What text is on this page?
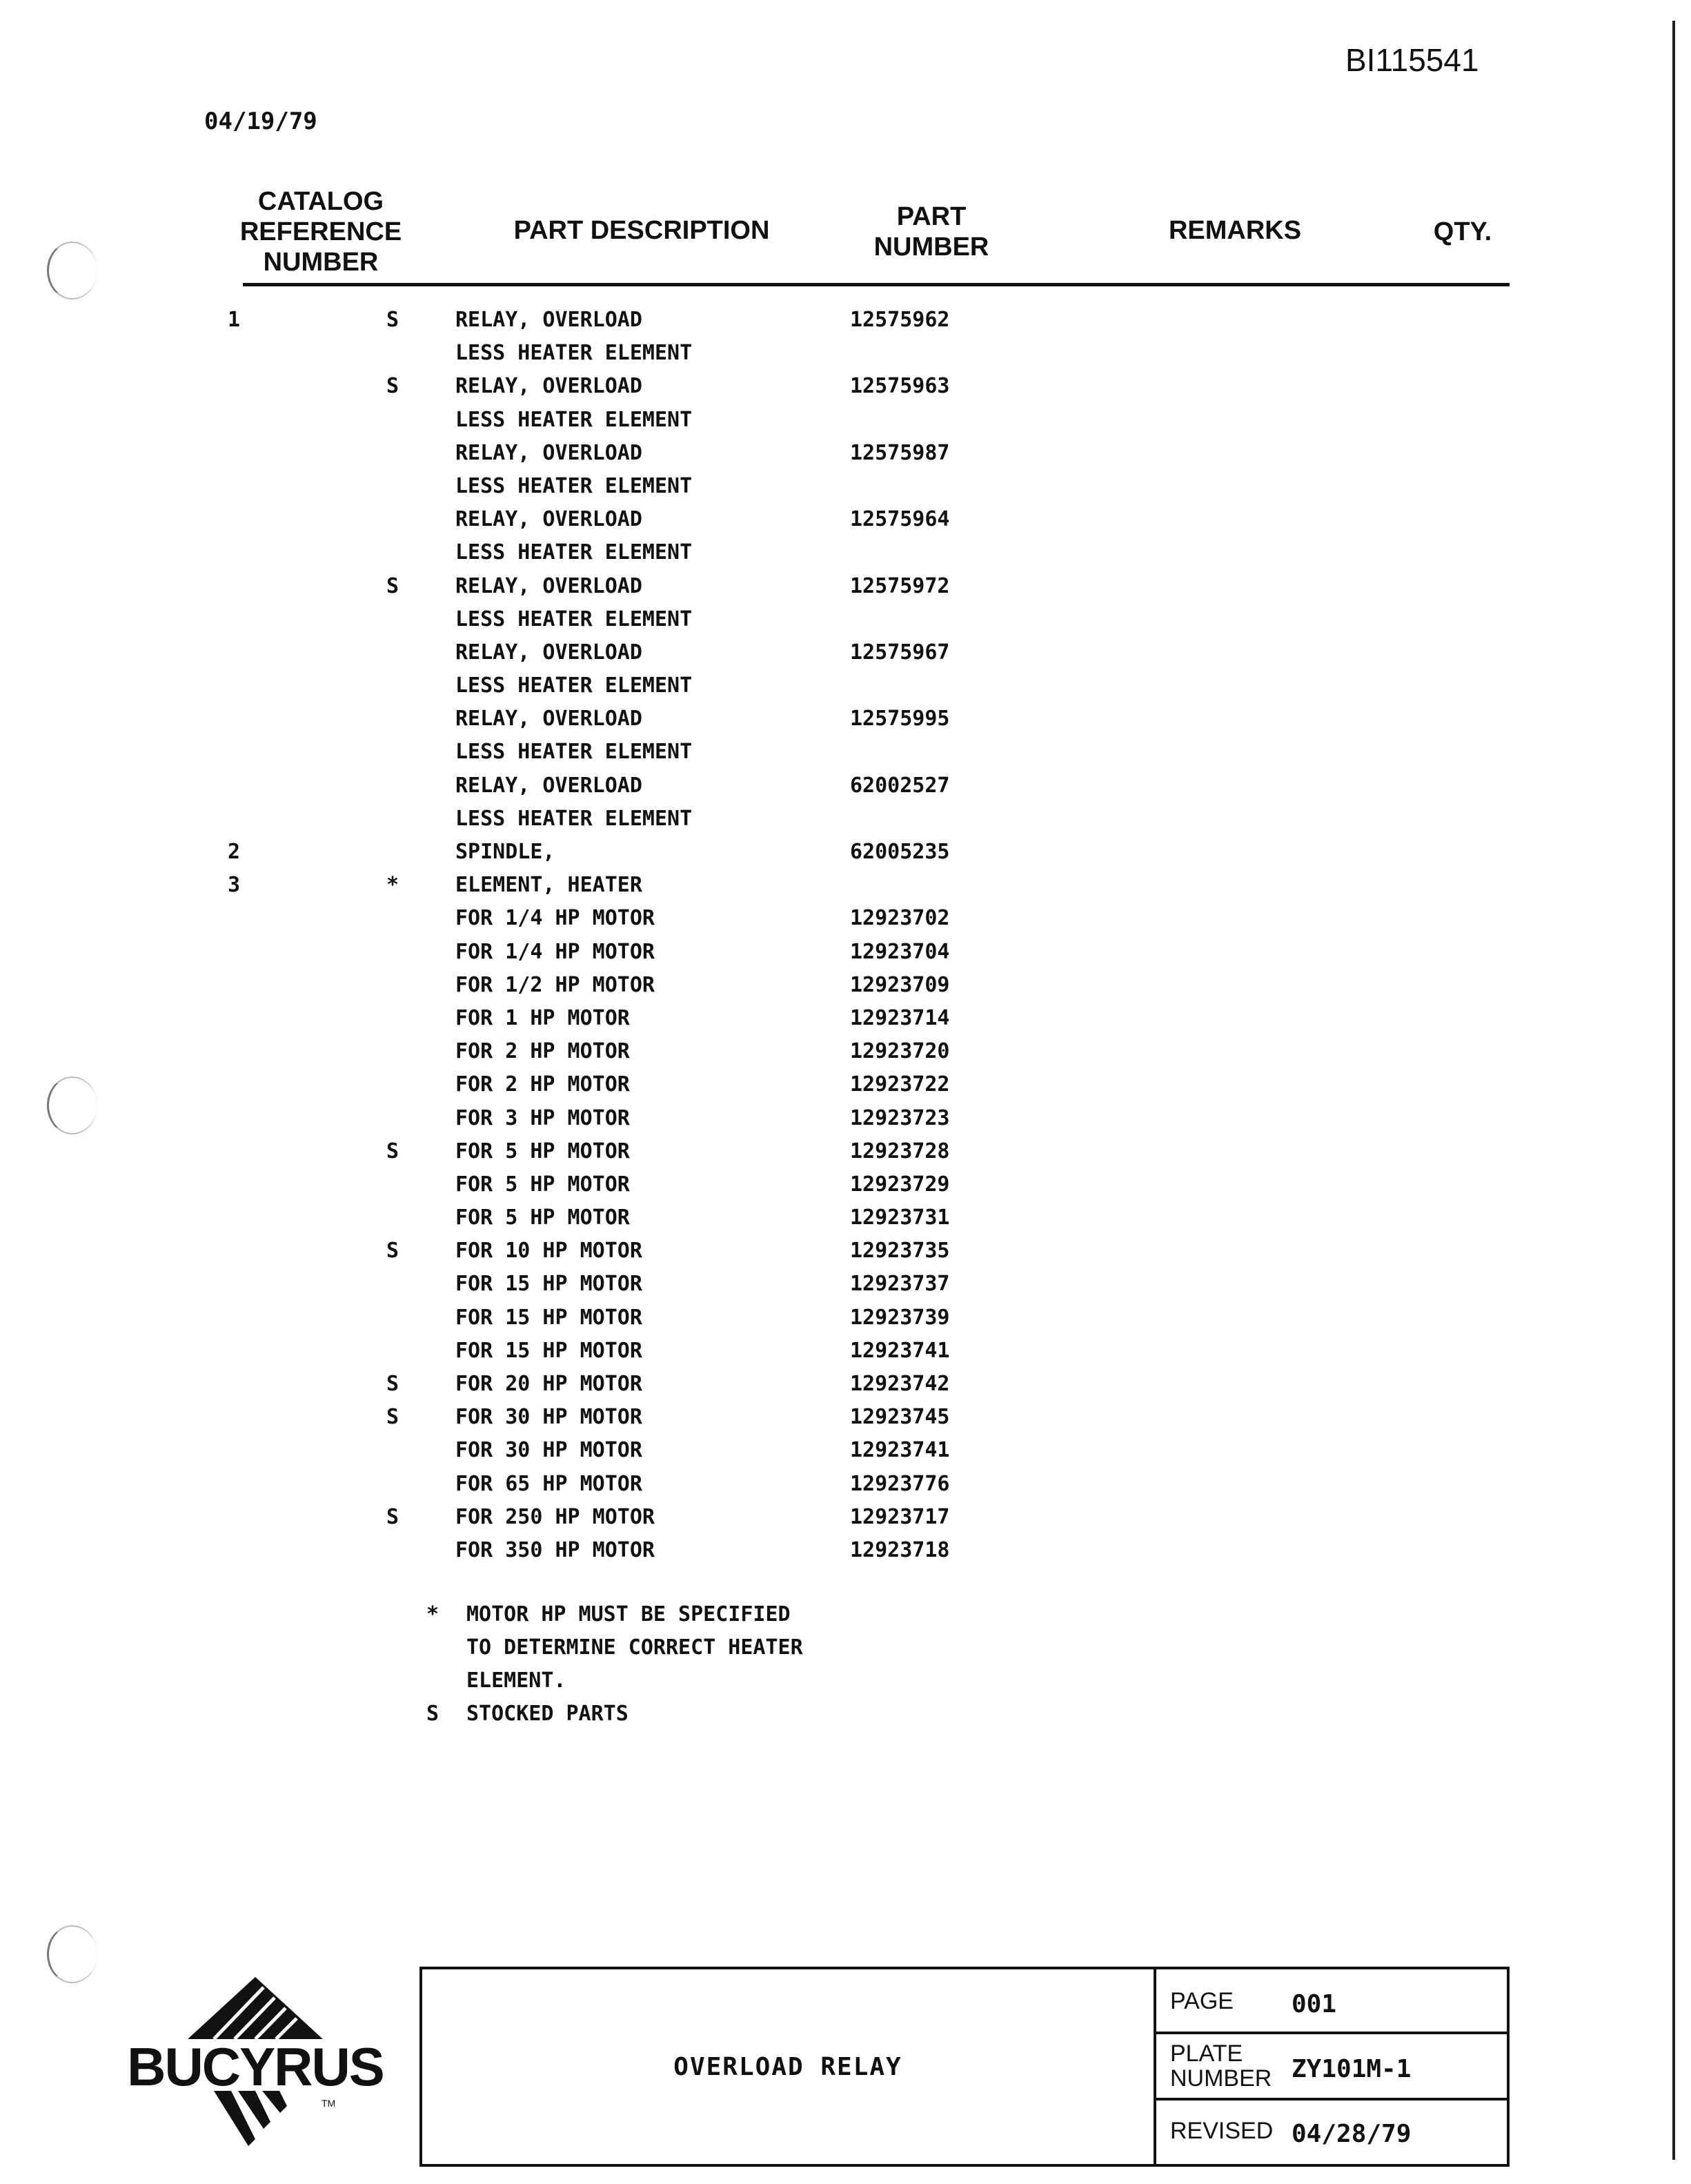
BI115541
04/19/79
CATALOG
REFERENCE
NUMBER
PART DESCRIPTION	PART
NUMBER
REMARKS	QTY.
1	S	RELAY, OVERLOAD	12575962
LESS HEATER ELEMENT
S	RELAY, OVERLOAD	12575963
LESS HEATER ELEMENT
RELAY, OVERLOAD	12575987
LESS HEATER ELEMENT
RELAY, OVERLOAD	12575964
LESS HEATER ELEMENT
S	RELAY, OVERLOAD	12575972
LESS HEATER ELEMENT
RELAY, OVERLOAD	12575967
LESS HEATER ELEMENT
RELAY, OVERLOAD	12575995
LESS HEATER ELEMENT
RELAY, OVERLOAD	62002527
LESS HEATER ELEMENT
2	SPINDLE,	62005235
3	*	ELEMENT, HEATER
FOR 1/4 HP MOTOR	12923702
FOR 1/4 HP MOTOR	12923704
FOR 1/2 HP MOTOR	12923709
FOR 1 HP MOTOR	12923714
FOR 2 HP MOTOR	12923720
FOR 2 HP MOTOR	12923722
FOR 3 HP MOTOR	12923723
S	FOR 5 HP MOTOR	12923728
FOR 5 HP MOTOR	12923729
FOR 5 HP MOTOR	12923731
S	FOR 10 HP MOTOR	12923735
FOR 15 HP MOTOR	12923737
FOR 15 HP MOTOR	12923739
FOR 15 HP MOTOR	12923741
S	FOR 20 HP MOTOR	12923742
S	FOR 30 HP MOTOR	12923745
FOR 30 HP MOTOR	12923741
FOR 65 HP MOTOR	12923776
S	FOR 250 HP MOTOR	12923717
FOR 350 HP MOTOR	12923718
* MOTOR HP MUST BE SPECIFIED
TO DETERMINE CORRECT HEATER
ELEMENT.
S STOCKED PARTS
BUCYRUS
TM
OVERLOAD RELAY
PAGE 001
PLATE
NUMBER ZY101M-1
REVISED 04/28/79
